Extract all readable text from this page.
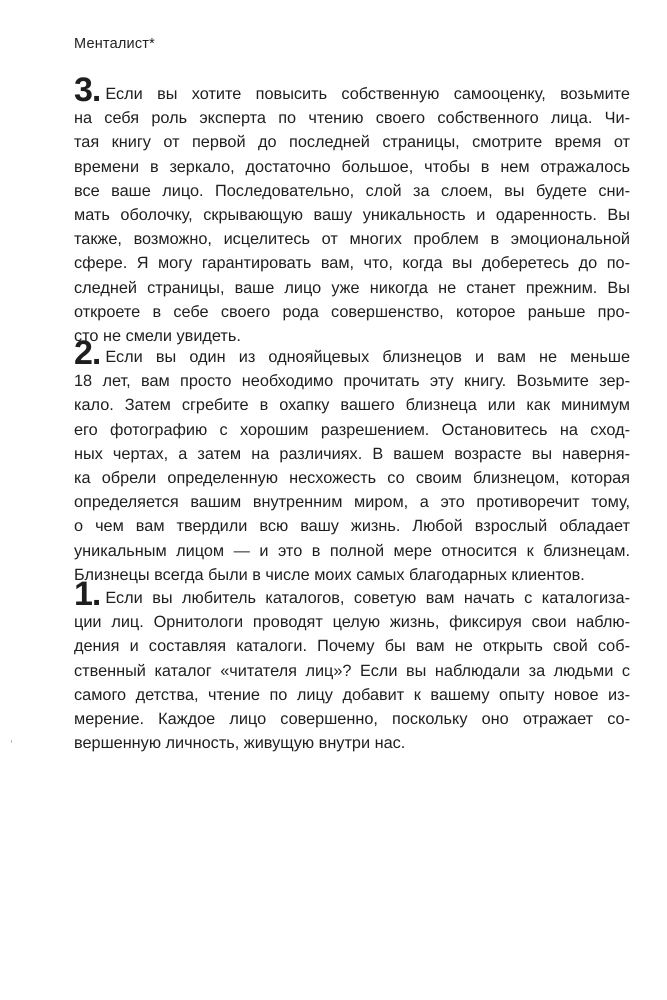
Менталист*
3. Если вы хотите повысить собственную самооценку, возьмите
на себя роль эксперта по чтению своего собственного лица. Чи-
тая книгу от первой до последней страницы, смотрите время от
времени в зеркало, достаточно большое, чтобы в нем отражалось
все ваше лицо. Последовательно, слой за слоем, вы будете сни-
мать оболочку, скрывающую вашу уникальность и одаренность. Вы
также, возможно, исцелитесь от многих проблем в эмоциональной
сфере. Я могу гарантировать вам, что, когда вы доберетесь до по-
следней страницы, ваше лицо уже никогда не станет прежним. Вы
откроете в себе своего рода совершенство, которое раньше про-
сто не смели увидеть.
2. Если вы один из однояйцевых близнецов и вам не меньше
18 лет, вам просто необходимо прочитать эту книгу. Возьмите зер-
кало. Затем сгребите в охапку вашего близнеца или как минимум
его фотографию с хорошим разрешением. Остановитесь на сход-
ных чертах, а затем на различиях. В вашем возрасте вы наверня-
ка обрели определенную несхожесть со своим близнецом, которая
определяется вашим внутренним миром, а это противоречит тому,
о чем вам твердили всю вашу жизнь. Любой взрослый обладает
уникальным лицом — и это в полной мере относится к близнецам.
Близнецы всегда были в числе моих самых благодарных клиентов.
1. Если вы любитель каталогов, советую вам начать с каталогиза-
ции лиц. Орнитологи проводят целую жизнь, фиксируя свои наблю-
дения и составляя каталоги. Почему бы вам не открыть свой соб-
ственный каталог «читателя лиц»? Если вы наблюдали за людьми с
самого детства, чтение по лицу добавит к вашему опыту новое из-
мерение. Каждое лицо совершенно, поскольку оно отражает со-
вершенную личность, живущую внутри нас.
